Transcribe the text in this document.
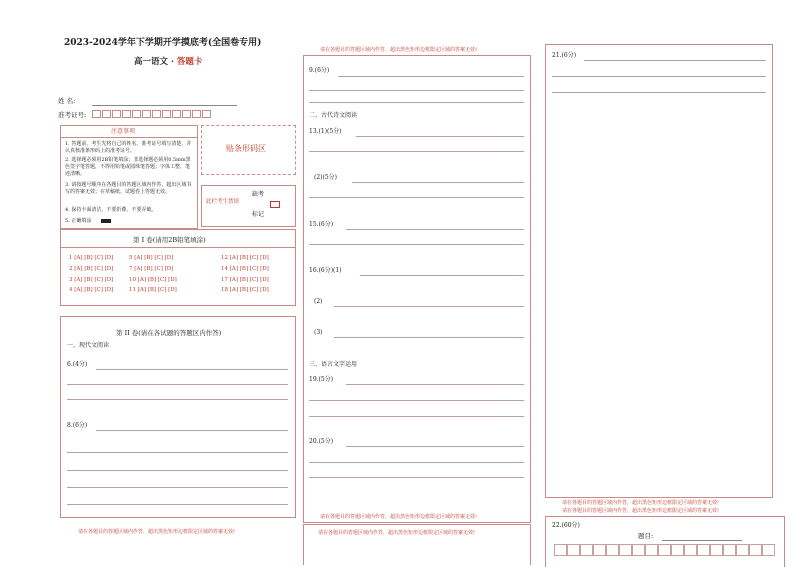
2023-2024学年下学期开学摸底考(全国卷专用)
高一语文 · 答题卡
姓 名:
准考证号:
注意事项
1. 答题前，考生先将自己的姓名、准考证号填写清楚，并认真核准条形码上的准考证号。
2. 选择题必须用2B铅笔填涂；非选择题必须用0.5mm黑色签字笔答题，不得用铅笔或圆珠笔答题；字体工整、笔迹清晰。
3. 请按题号顺序在各题目的答题区域内作答，超出区域书写的答案无效；在草稿纸、试题卷上答题无效。
4. 保持卡面清洁，不要折叠、不要弄破。
5. 正确填涂
贴条形码区
此栏考生禁填
缺考
标记
第 I 卷(请用2B铅笔填涂)
1 [A] [B] [C] [D]	5 [A] [B] [C] [D]	12 [A] [B] [C] [D]
2 [A] [B] [C] [D]	7 [A] [B] [C] [D]	14 [A] [B] [C] [D]
3 [A] [B] [C] [D]	10 [A] [B] [C] [D]	17 [A] [B] [C] [D]
4 [A] [B] [C] [D]	11 [A] [B] [C] [D]	18 [A] [B] [C] [D]
第 II 卷(请在各试题的答题区内作答)
一、现代文阅读
6.(4分)
8.(6分)
请在各题目的答题区域内作答，超出黑色矩形边框限定区域的答案无效!
请在各题目的答题区域内作答，超出黑色矩形边框限定区域的答案无效!
9.(6分)
二、古代诗文阅读
13.(1)(5分)
(2)(5分)
15.(6分)
16.(6分)(1)
(2)
(3)
三、语言文字运用
19.(5分)
20.(5分)
请在各题目的答题区域内作答，超出黑色矩形边框限定区域的答案无效!
请在各题目的答题区域内作答，超出黑色矩形边框限定区域的答案无效!
21.(6分)
请在各题目的答题区域内作答，超出黑色矩形边框限定区域的答案无效!
请在各题目的答题区域内作答，超出黑色矩形边框限定区域的答案无效!
22.(60分)
题目:
